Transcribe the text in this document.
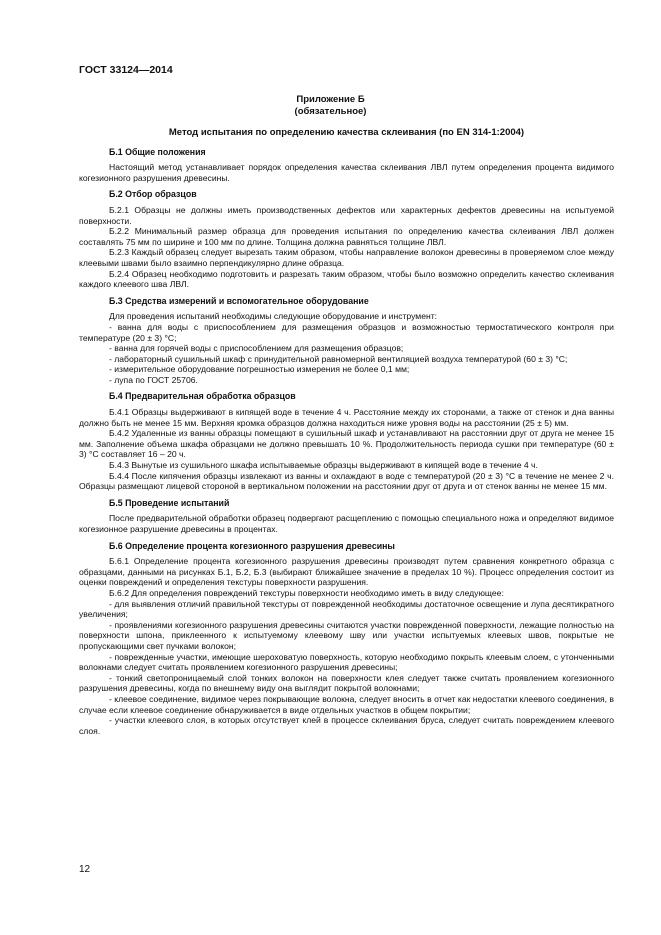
ГОСТ 33124—2014
Приложение Б
(обязательное)
Метод испытания по определению качества склеивания (по EN 314-1:2004)
Б.1 Общие положения

Настоящий метод устанавливает порядок определения качества склеивания ЛВЛ путем определения процента видимого когезионного разрушения древесины.

Б.2 Отбор образцов

Б.2.1 Образцы не должны иметь производственных дефектов или характерных дефектов древесины на испытуемой поверхности.

Б.2.2 Минимальный размер образца для проведения испытания по определению качества склеивания ЛВЛ должен составлять 75 мм по ширине и 100 мм по длине. Толщина должна равняться толщине ЛВЛ.

Б.2.3 Каждый образец следует вырезать таким образом, чтобы направление волокон древесины в проверяемом слое между клеевыми швами было взаимно перпендикулярно длине образца.

Б.2.4 Образец необходимо подготовить и разрезать таким образом, чтобы было возможно определить качество склеивания каждого клеевого шва ЛВЛ.

Б.3 Средства измерений и вспомогательное оборудование

Для проведения испытаний необходимы следующие оборудование и инструмент:

- ванна для воды с приспособлением для размещения образцов и возможностью термостатического контроля при температуре (20 ± 3) °С;

- ванна для горячей воды с приспособлением для размещения образцов;

- лабораторный сушильный шкаф с принудительной равномерной вентиляцией воздуха температурой (60 ± 3) °С;

- измерительное оборудование погрешностью измерения не более 0,1 мм;

- лупа по ГОСТ 25706.

Б.4 Предварительная обработка образцов

Б.4.1 Образцы выдерживают в кипящей воде в течение 4 ч. Расстояние между их сторонами, а также от стенок и дна ванны должно быть не менее 15 мм. Верхняя кромка образцов должна находиться ниже уровня воды на расстоянии (25 ± 5) мм.

Б.4.2 Удаленные из ванны образцы помещают в сушильный шкаф и устанавливают на расстоянии друг от друга не менее 15 мм. Заполнение объема шкафа образцами не должно превышать 10 %. Продолжительность периода сушки при температуре (60 ± 3) °С составляет 16 – 20 ч.

Б.4.3 Вынутые из сушильного шкафа испытываемые образцы выдерживают в кипящей воде в течение 4 ч.

Б.4.4 После кипячения образцы извлекают из ванны и охлаждают в воде с температурой (20 ± 3) °С в течение не менее 2 ч. Образцы размещают лицевой стороной в вертикальном положении на расстоянии друг от друга и от стенок ванны не менее 15 мм.

Б.5 Проведение испытаний

После предварительной обработки образец подвергают расщеплению с помощью специального ножа и определяют видимое когезионное разрушение древесины в процентах.

Б.6 Определение процента когезионного разрушения древесины

Б.6.1 Определение процента когезионного разрушения древесины производят путем сравнения конкретного образца с образцами, данными на рисунках Б.1, Б.2, Б.3 (выбирают ближайшее значение в пределах 10 %). Процесс определения состоит из оценки повреждений и определения текстуры поверхности разрушения.

Б.6.2 Для определения повреждений текстуры поверхности необходимо иметь в виду следующее:

- для выявления отличий правильной текстуры от поврежденной необходимы достаточное освещение и лупа десятикратного увеличения;

- проявлениями когезионного разрушения древесины считаются участки поврежденной поверхности, лежащие полностью на поверхности шпона, приклеенного к испытуемому клеевому шву или участки испытуемых клеевых швов, покрытые не пропускающими свет пучками волокон;

- поврежденные участки, имеющие шероховатую поверхность, которую необходимо покрыть клеевым слоем, с утонченными волокнами следует считать проявлением когезионного разрушения древесины;

- тонкий светопроницаемый слой тонких волокон на поверхности клея следует также считать проявлением когезионного разрушения древесины, когда по внешнему виду она выглядит покрытой волокнами;

- клеевое соединение, видимое через покрывающие волокна, следует вносить в отчет как недостатки клеевого соединения, в случае если клеевое соединение обнаруживается в виде отдельных участков в общем покрытии;

- участки клеевого слоя, в которых отсутствует клей в процессе склеивания бруса, следует считать повреждением клеевого слоя.

12
